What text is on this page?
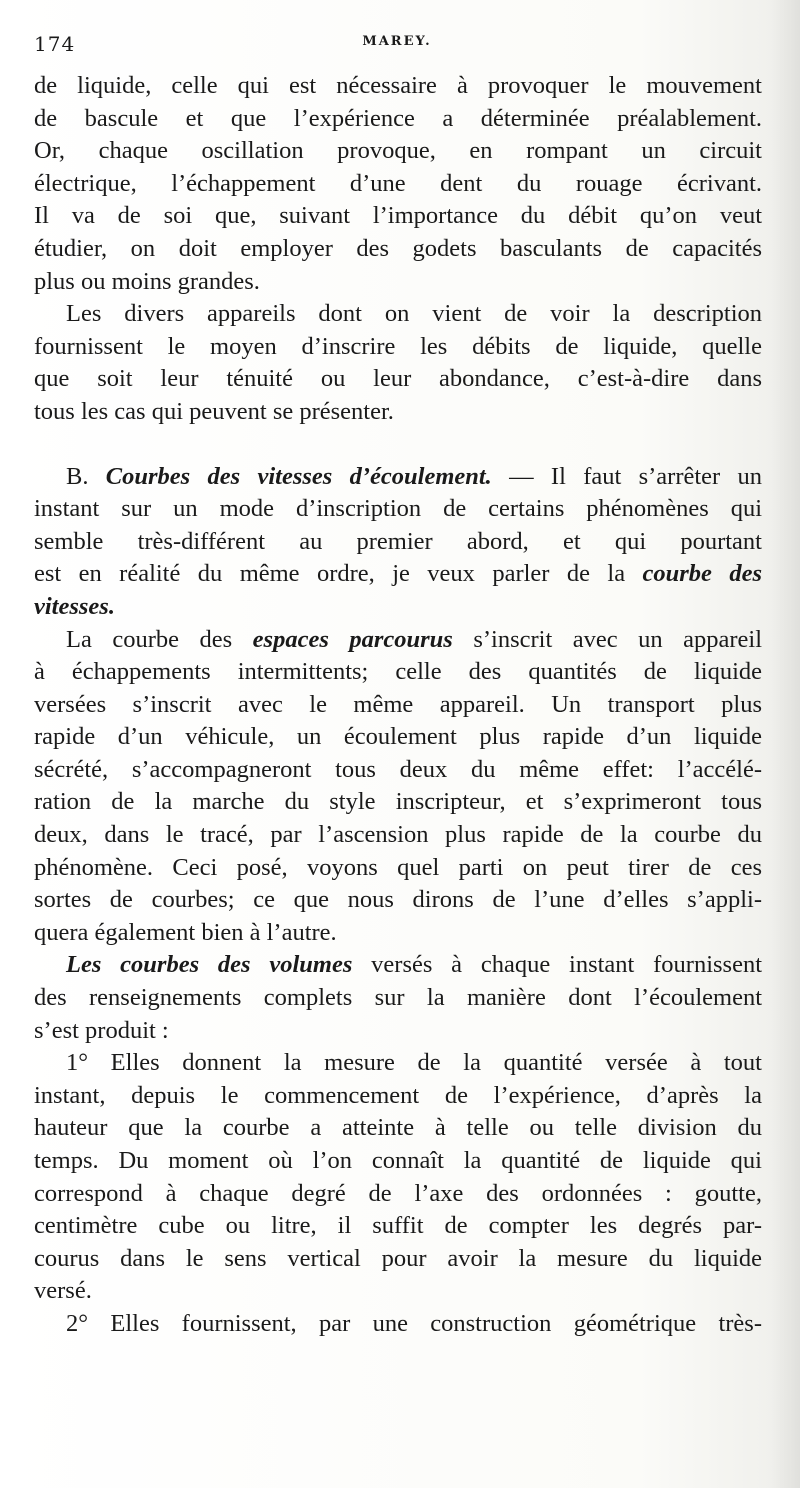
174	MAREY.
de liquide, celle qui est nécessaire à provoquer le mouvement
de bascule et que l’expérience a déterminée préalablement.
Or, chaque oscillation provoque, en rompant un circuit
électrique, l’échappement d’une dent du rouage écrivant.
Il va de soi que, suivant l’importance du débit qu’on veut
étudier, on doit employer des godets basculants de capacités
plus ou moins grandes.
Les divers appareils dont on vient de voir la description
fournissent le moyen d’inscrire les débits de liquide, quelle
que soit leur ténuité ou leur abondance, c’est-à-dire dans
tous les cas qui peuvent se présenter.
B. Courbes des vitesses d’écoulement. — Il faut s’arrêter un
instant sur un mode d’inscription de certains phénomènes qui
semble très-différent au premier abord, et qui pourtant
est en réalité du même ordre, je veux parler de la courbe des
vitesses.
La courbe des espaces parcourus s’inscrit avec un appareil
à échappements intermittents; celle des quantités de liquide
versées s’inscrit avec le même appareil. Un transport plus
rapide d’un véhicule, un écoulement plus rapide d’un liquide
sécrété, s’accompagneront tous deux du même effet: l’accélé-
ration de la marche du style inscripteur, et s’exprimeront tous
deux, dans le tracé, par l’ascension plus rapide de la courbe du
phénomène. Ceci posé, voyons quel parti on peut tirer de ces
sortes de courbes; ce que nous dirons de l’une d’elles s’appli-
quera également bien à l’autre.
Les courbes des volumes versés à chaque instant fournissent
des renseignements complets sur la manière dont l’écoulement
s’est produit :
1° Elles donnent la mesure de la quantité versée à tout
instant, depuis le commencement de l’expérience, d’après la
hauteur que la courbe a atteinte à telle ou telle division du
temps. Du moment où l’on connaît la quantité de liquide qui
correspond à chaque degré de l’axe des ordonnées : goutte,
centimètre cube ou litre, il suffit de compter les degrés par-
courus dans le sens vertical pour avoir la mesure du liquide
versé.
2° Elles fournissent, par une construction géométrique très-
